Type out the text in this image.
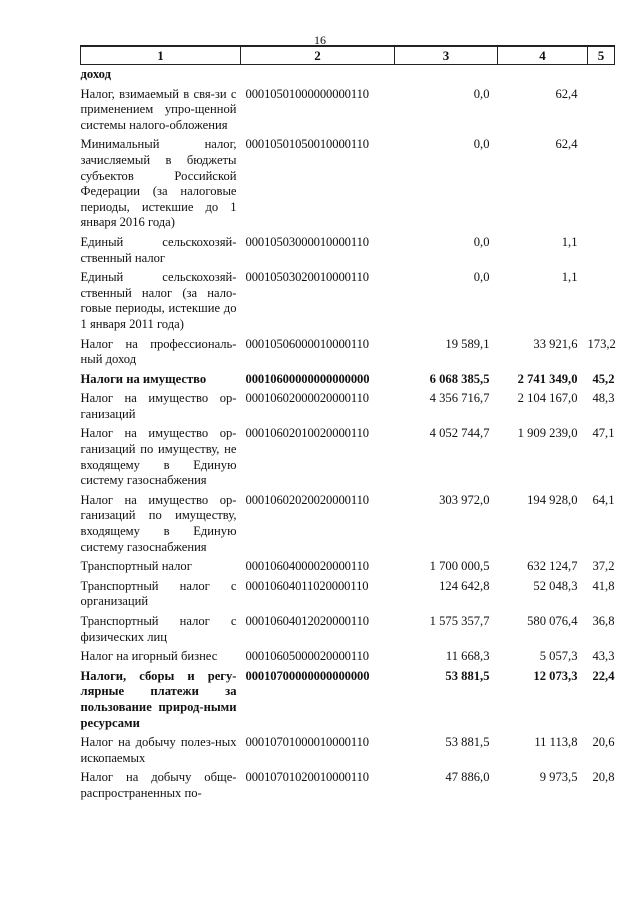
16
1	2	3	4	5
доход				
Налог, взимаемый в свя-зи с применением упро-щенной системы налого-обложения	00010501000000000110	0,0	62,4	
Минимальный налог, зачисляемый в бюджеты субъектов Российской Федерации (за налоговые периоды, истекшие до 1 января 2016 года)	00010501050010000110	0,0	62,4	
Единый сельскохозяй-ственный налог	00010503000010000110	0,0	1,1	
Единый сельскохозяй-ственный налог (за нало-говые периоды, истекшие до 1 января 2011 года)	00010503020010000110	0,0	1,1	
Налог на профессиональ-ный доход	00010506000010000110	19 589,1	33 921,6	173,2
Налоги на имущество	00010600000000000000	6 068 385,5	2 741 349,0	45,2
Налог на имущество ор-ганизаций	00010602000020000110	4 356 716,7	2 104 167,0	48,3
Налог на имущество ор-ганизаций по имуществу, не входящему в Единую систему газоснабжения	00010602010020000110	4 052 744,7	1 909 239,0	47,1
Налог на имущество ор-ганизаций по имуществу, входящему в Единую систему газоснабжения	00010602020020000110	303 972,0	194 928,0	64,1
Транспортный налог	00010604000020000110	1 700 000,5	632 124,7	37,2
Транспортный налог с организаций	00010604011020000110	124 642,8	52 048,3	41,8
Транспортный налог с физических лиц	00010604012020000110	1 575 357,7	580 076,4	36,8
Налог на игорный бизнес	00010605000020000110	11 668,3	5 057,3	43,3
Налоги, сборы и регу-лярные платежи за пользование природ-ными ресурсами	00010700000000000000	53 881,5	12 073,3	22,4
Налог на добычу полез-ных ископаемых	00010701000010000110	53 881,5	11 113,8	20,6
Налог на добычу обще-распространенных по-	00010701020010000110	47 886,0	9 973,5	20,8
